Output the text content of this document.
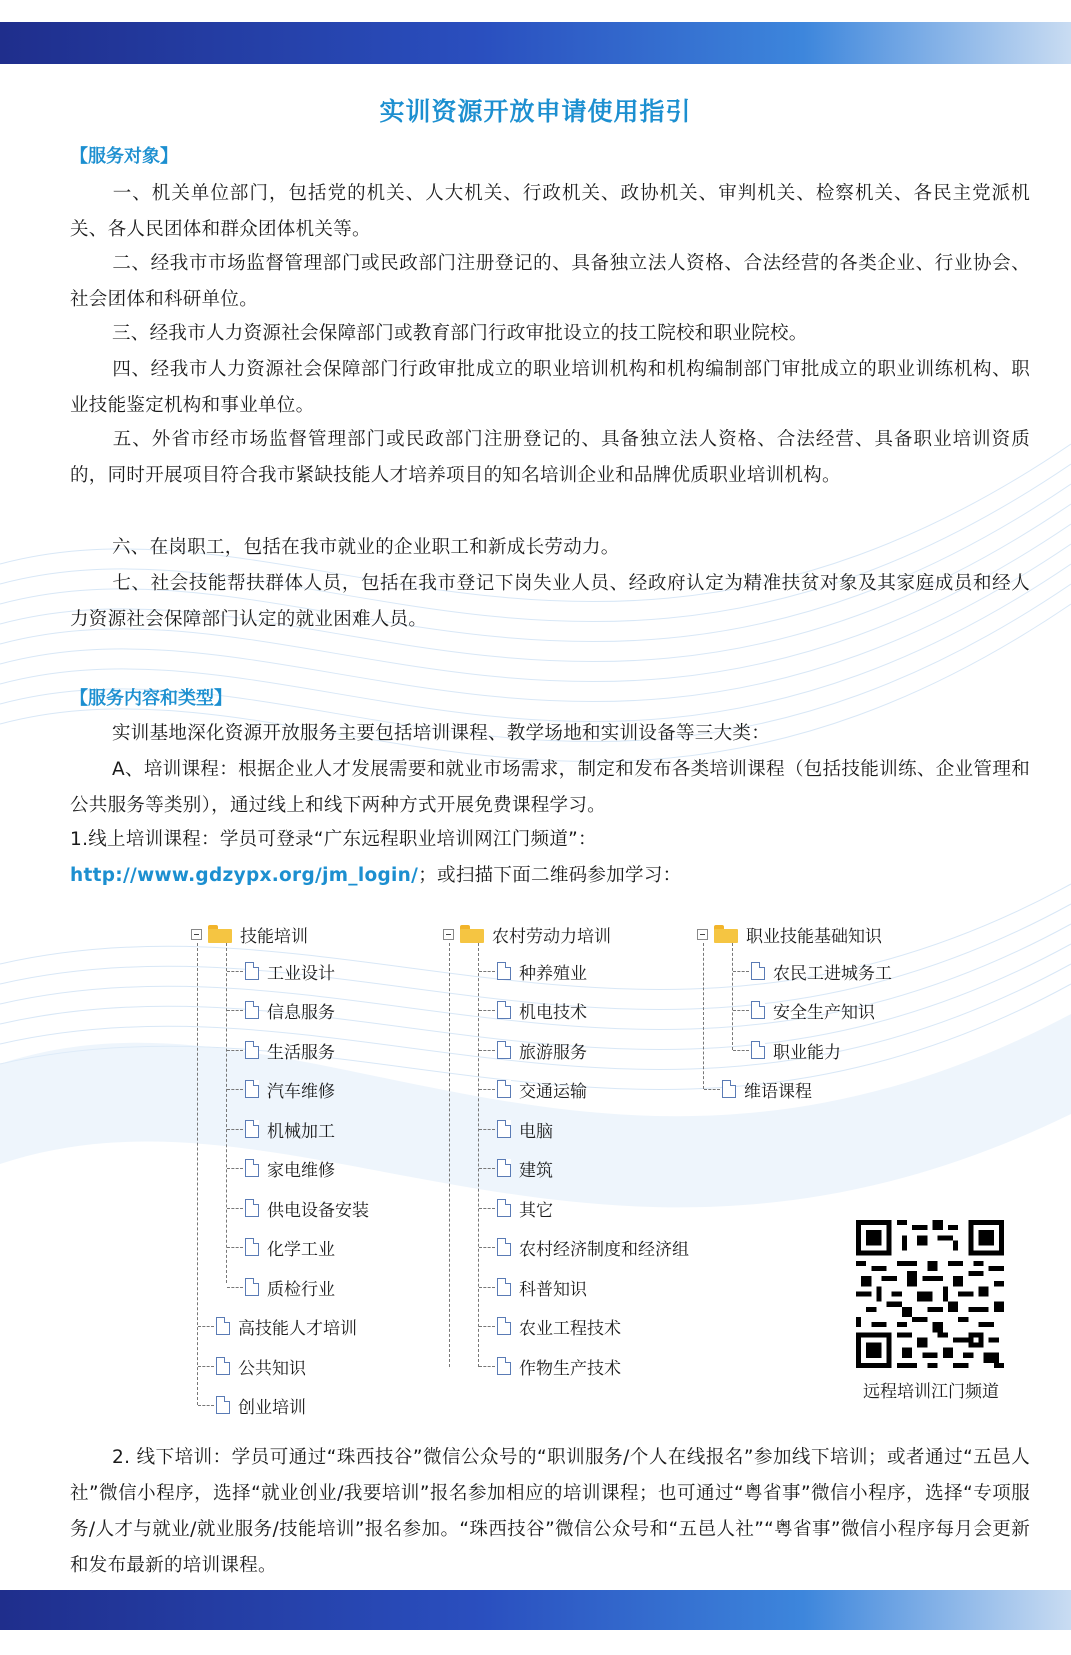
实训资源开放申请使用指引
【服务对象】
一、机关单位部门，包括党的机关、人大机关、行政机关、政协机关、审判机关、检察机关、各民主党派机关、各人民团体和群众团体机关等。
二、经我市市场监督管理部门或民政部门注册登记的、具备独立法人资格、合法经营的各类企业、行业协会、社会团体和科研单位。
三、经我市人力资源社会保障部门或教育部门行政审批设立的技工院校和职业院校。
四、经我市人力资源社会保障部门行政审批成立的职业培训机构和机构编制部门审批成立的职业训练机构、职业技能鉴定机构和事业单位。
五、外省市经市场监督管理部门或民政部门注册登记的、具备独立法人资格、合法经营、具备职业培训资质的，同时开展项目符合我市紧缺技能人才培养项目的知名培训企业和品牌优质职业培训机构。
六、在岗职工，包括在我市就业的企业职工和新成长劳动力。
七、社会技能帮扶群体人员，包括在我市登记下岗失业人员、经政府认定为精准扶贫对象及其家庭成员和经人力资源社会保障部门认定的就业困难人员。
【服务内容和类型】
实训基地深化资源开放服务主要包括培训课程、教学场地和实训设备等三大类：
A、培训课程：根据企业人才发展需要和就业市场需求，制定和发布各类培训课程（包括技能训练、企业管理和公共服务等类别），通过线上和线下两种方式开展免费课程学习。
1.线上培训课程：学员可登录“广东远程职业培训网江门频道”：
http://www.gdzypx.org/jm_login/；或扫描下面二维码参加学习：
技能培训
工业设计
信息服务
生活服务
汽车维修
机械加工
家电维修
供电设备安装
化学工业
质检行业
高技能人才培训
公共知识
创业培训
农村劳动力培训
种养殖业
机电技术
旅游服务
交通运输
电脑
建筑
其它
农村经济制度和经济组
科普知识
农业工程技术
作物生产技术
职业技能基础知识
农民工进城务工
安全生产知识
职业能力
维语课程
远程培训江门频道
2. 线下培训：学员可通过“珠西技谷”微信公众号的“职训服务/个人在线报名”参加线下培训；或者通过“五邑人社”微信小程序，选择“就业创业/我要培训”报名参加相应的培训课程；也可通过“粤省事”微信小程序，选择“专项服务/人才与就业/就业服务/技能培训”报名参加。“珠西技谷”微信公众号和“五邑人社”“粤省事”微信小程序每月会更新和发布最新的培训课程。
